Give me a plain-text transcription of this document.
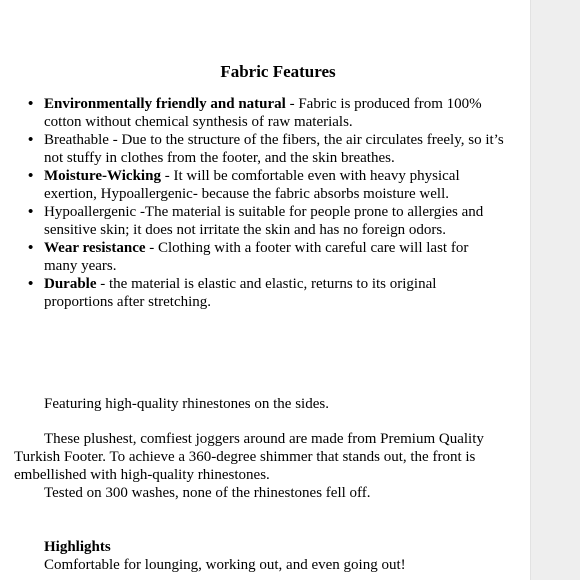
Fabric Features
• Environmentally friendly and natural - Fabric is produced from 100% cotton without chemical synthesis of raw materials.
• Breathable - Due to the structure of the fibers, the air circulates freely, so it’s not stuffy in clothes from the footer, and the skin breathes.
• Moisture-Wicking - It will be comfortable even with heavy physical exertion, Hypoallergenic- because the fabric absorbs moisture well.
• Hypoallergenic -The material is suitable for people prone to allergies and sensitive skin; it does not irritate the skin and has no foreign odors.
• Wear resistance - Clothing with a footer with careful care will last for many years.
• Durable - the material is elastic and elastic, returns to its original proportions after stretching.

Featuring high-quality rhinestones on the sides.

These plushest, comfiest joggers around are made from Premium Quality Turkish Footer. To achieve a 360-degree shimmer that stands out, the front is embellished with high-quality rhinestones.

Tested on 300 washes, none of the rhinestones fell off.

Highlights

Comfortable for lounging, working out, and even going out!
